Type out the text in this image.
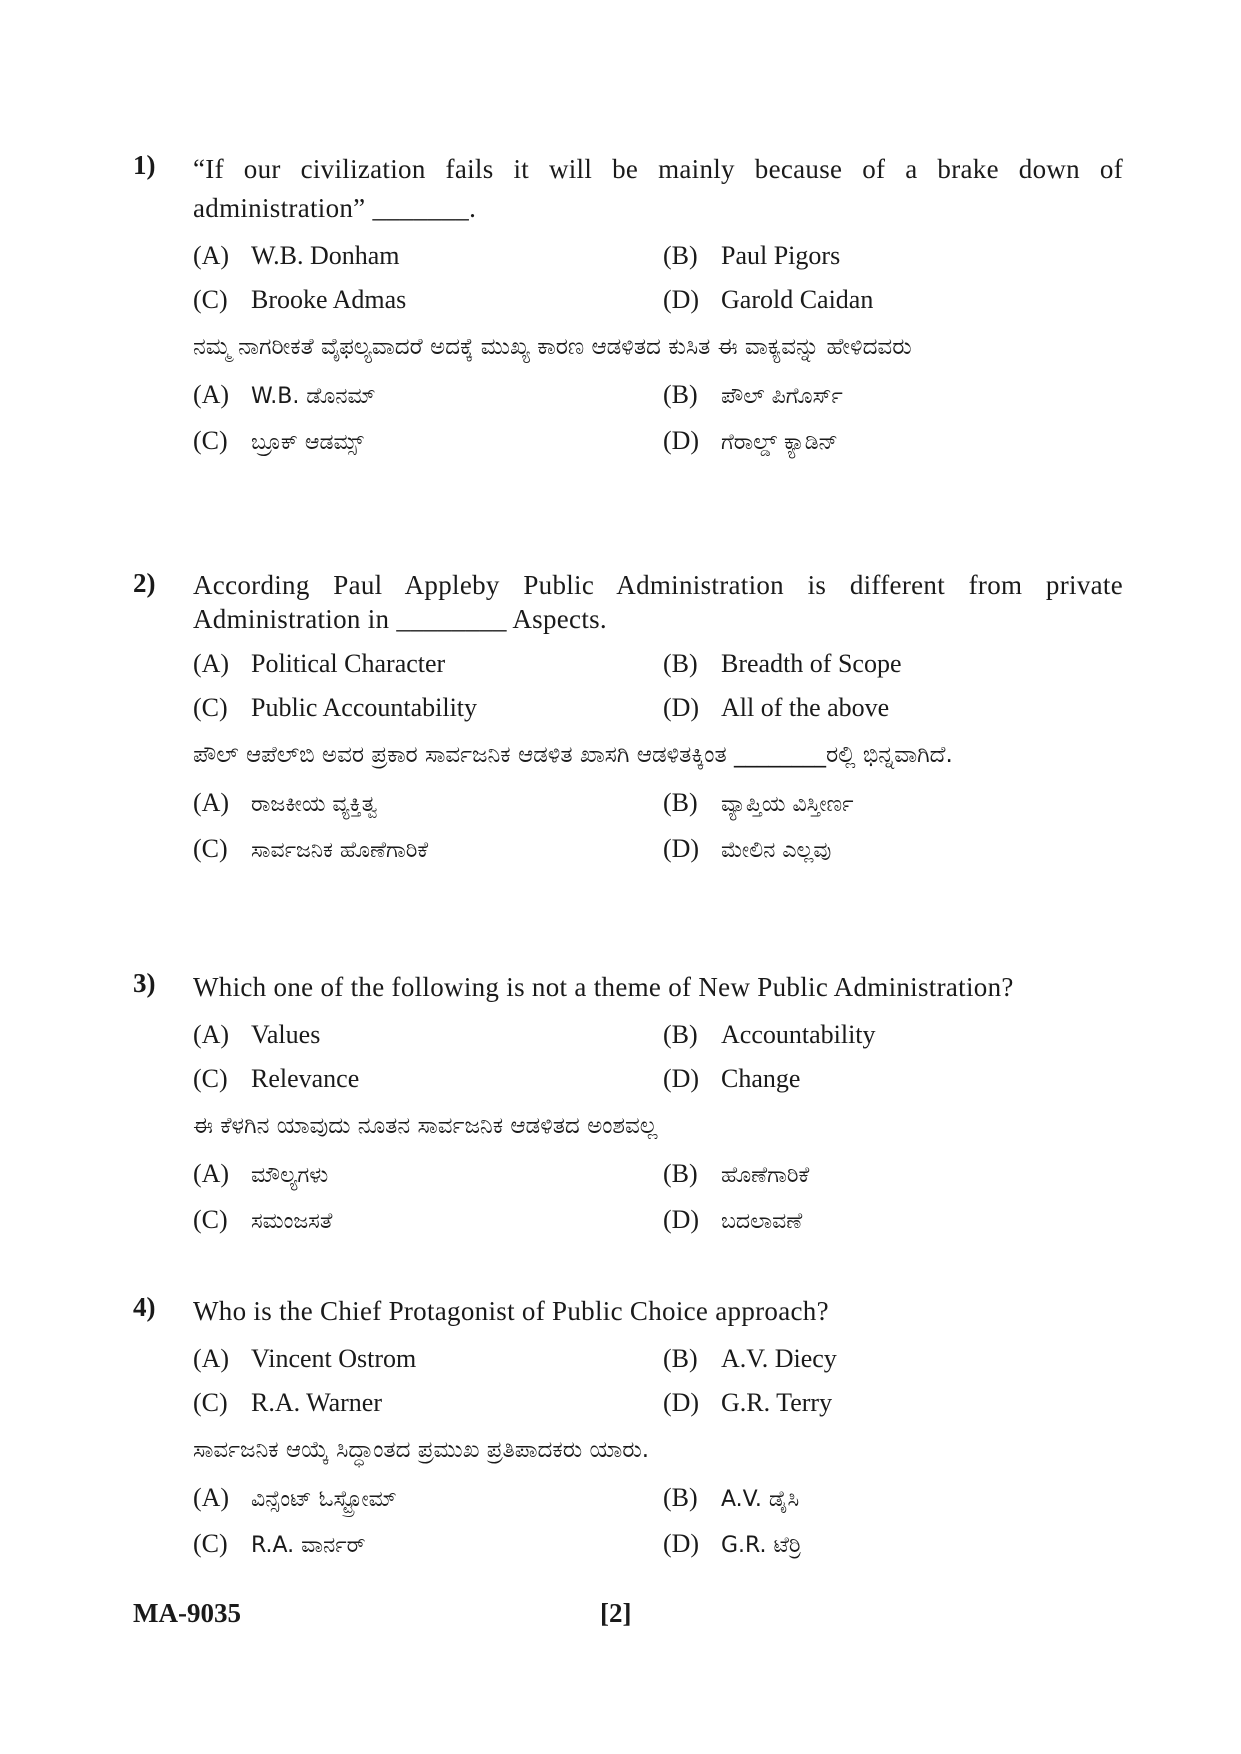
1) “If our civilization fails it will be mainly because of a brake down of administration” _______.
(A) W.B. Donham	(B) Paul Pigors
(C) Brooke Admas	(D) Garold Caidan
ನಮ್ಮ ನಾಗರೀಕತೆ ವೈಫಲ್ಯವಾದರೆ ಅದಕ್ಕೆ ಮುಖ್ಯ ಕಾರಣ ಆಡಳಿತದ ಕುಸಿತ ಈ ವಾಕ್ಯವನ್ನು ಹೇಳಿದವರು
(A) W.B. ಡೊನಮ್	(B) ಪೌಲ್ ಪಿಗೊರ್ಸ್
(C) ಬ್ರೂಕ್ ಆಡಮ್ಸ್	(D) ಗೆರಾಲ್ಡ್ ಕ್ಯಾಡಿನ್
2) According Paul Appleby Public Administration is different from private Administration in ________ Aspects.
(A) Political Character	(B) Breadth of Scope
(C) Public Accountability	(D) All of the above
ಪೌಲ್ ಆಪೆಲ್‌ಬಿ ಅವರ ಪ್ರಕಾರ ಸಾರ್ವಜನಿಕ ಆಡಳಿತ ಖಾಸಗಿ ಆಡಳಿತಕ್ಕಿಂತ ________ರಲ್ಲಿ ಭಿನ್ನವಾಗಿದೆ.
(A) ರಾಜಕೀಯ ವ್ಯಕ್ತಿತ್ವ	(B) ವ್ಯಾಪ್ತಿಯ ವಿಸ್ತೀರ್ಣ
(C) ಸಾರ್ವಜನಿಕ ಹೊಣೆಗಾರಿಕೆ	(D) ಮೇಲಿನ ಎಲ್ಲವು
3) Which one of the following is not a theme of New Public Administration?
(A) Values	(B) Accountability
(C) Relevance	(D) Change
ಈ ಕೆಳಗಿನ ಯಾವುದು ನೂತನ ಸಾರ್ವಜನಿಕ ಆಡಳಿತದ ಅಂಶವಲ್ಲ
(A) ಮೌಲ್ಯಗಳು	(B) ಹೊಣೆಗಾರಿಕೆ
(C) ಸಮಂಜಸತೆ	(D) ಬದಲಾವಣೆ
4) Who is the Chief Protagonist of Public Choice approach?
(A) Vincent Ostrom	(B) A.V. Diecy
(C) R.A. Warner	(D) G.R. Terry
ಸಾರ್ವಜನಿಕ ಆಯ್ಕೆ ಸಿದ್ಧಾಂತದ ಪ್ರಮುಖ ಪ್ರತಿಪಾದಕರು ಯಾರು.
(A) ವಿನ್ಸೆಂಟ್ ಓಸ್ಟ್ರೋಮ್	(B) A.V. ಡೈಸಿ
(C) R.A. ವಾರ್ನರ್	(D) G.R. ಟೆರ್ರಿ
MA-9035	[2]
